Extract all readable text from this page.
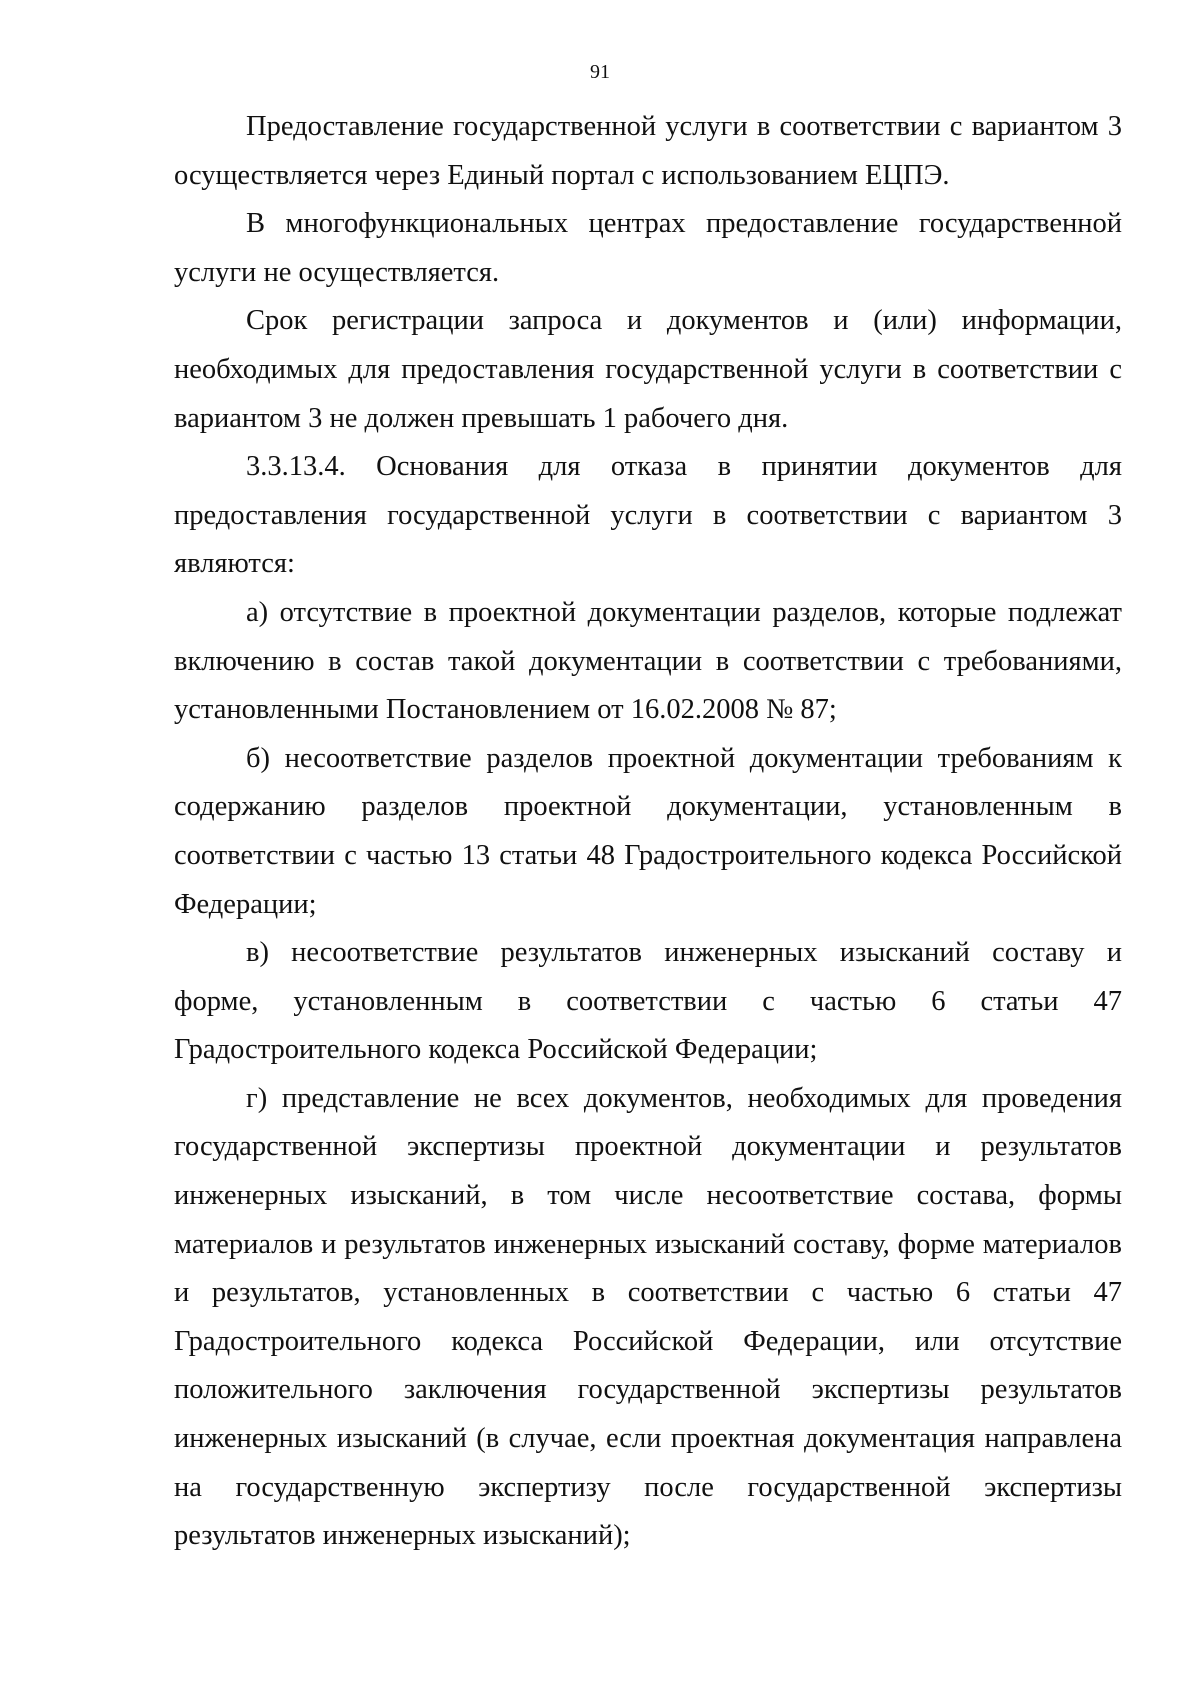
91

Предоставление государственной услуги в соответствии с вариантом 3 осуществляется через Единый портал с использованием ЕЦПЭ.

В многофункциональных центрах предоставление государственной услуги не осуществляется.

Срок регистрации запроса и документов и (или) информации, необходимых для предоставления государственной услуги в соответствии с вариантом 3 не должен превышать 1 рабочего дня.

3.3.13.4. Основания для отказа в принятии документов для предоставления государственной услуги в соответствии с вариантом 3 являются:

а) отсутствие в проектной документации разделов, которые подлежат включению в состав такой документации в соответствии с требованиями, установленными Постановлением от 16.02.2008 № 87;

б) несоответствие разделов проектной документации требованиям к содержанию разделов проектной документации, установленным в соответствии с частью 13 статьи 48 Градостроительного кодекса Российской Федерации;

в) несоответствие результатов инженерных изысканий составу и форме, установленным в соответствии с частью 6 статьи 47 Градостроительного кодекса Российской Федерации;

г) представление не всех документов, необходимых для проведения государственной экспертизы проектной документации и результатов инженерных изысканий, в том числе несоответствие состава, формы материалов и результатов инженерных изысканий составу, форме материалов и результатов, установленных в соответствии с частью 6 статьи 47 Градостроительного кодекса Российской Федерации, или отсутствие положительного заключения государственной экспертизы результатов инженерных изысканий (в случае, если проектная документация направлена на государственную экспертизу после государственной экспертизы результатов инженерных изысканий);
